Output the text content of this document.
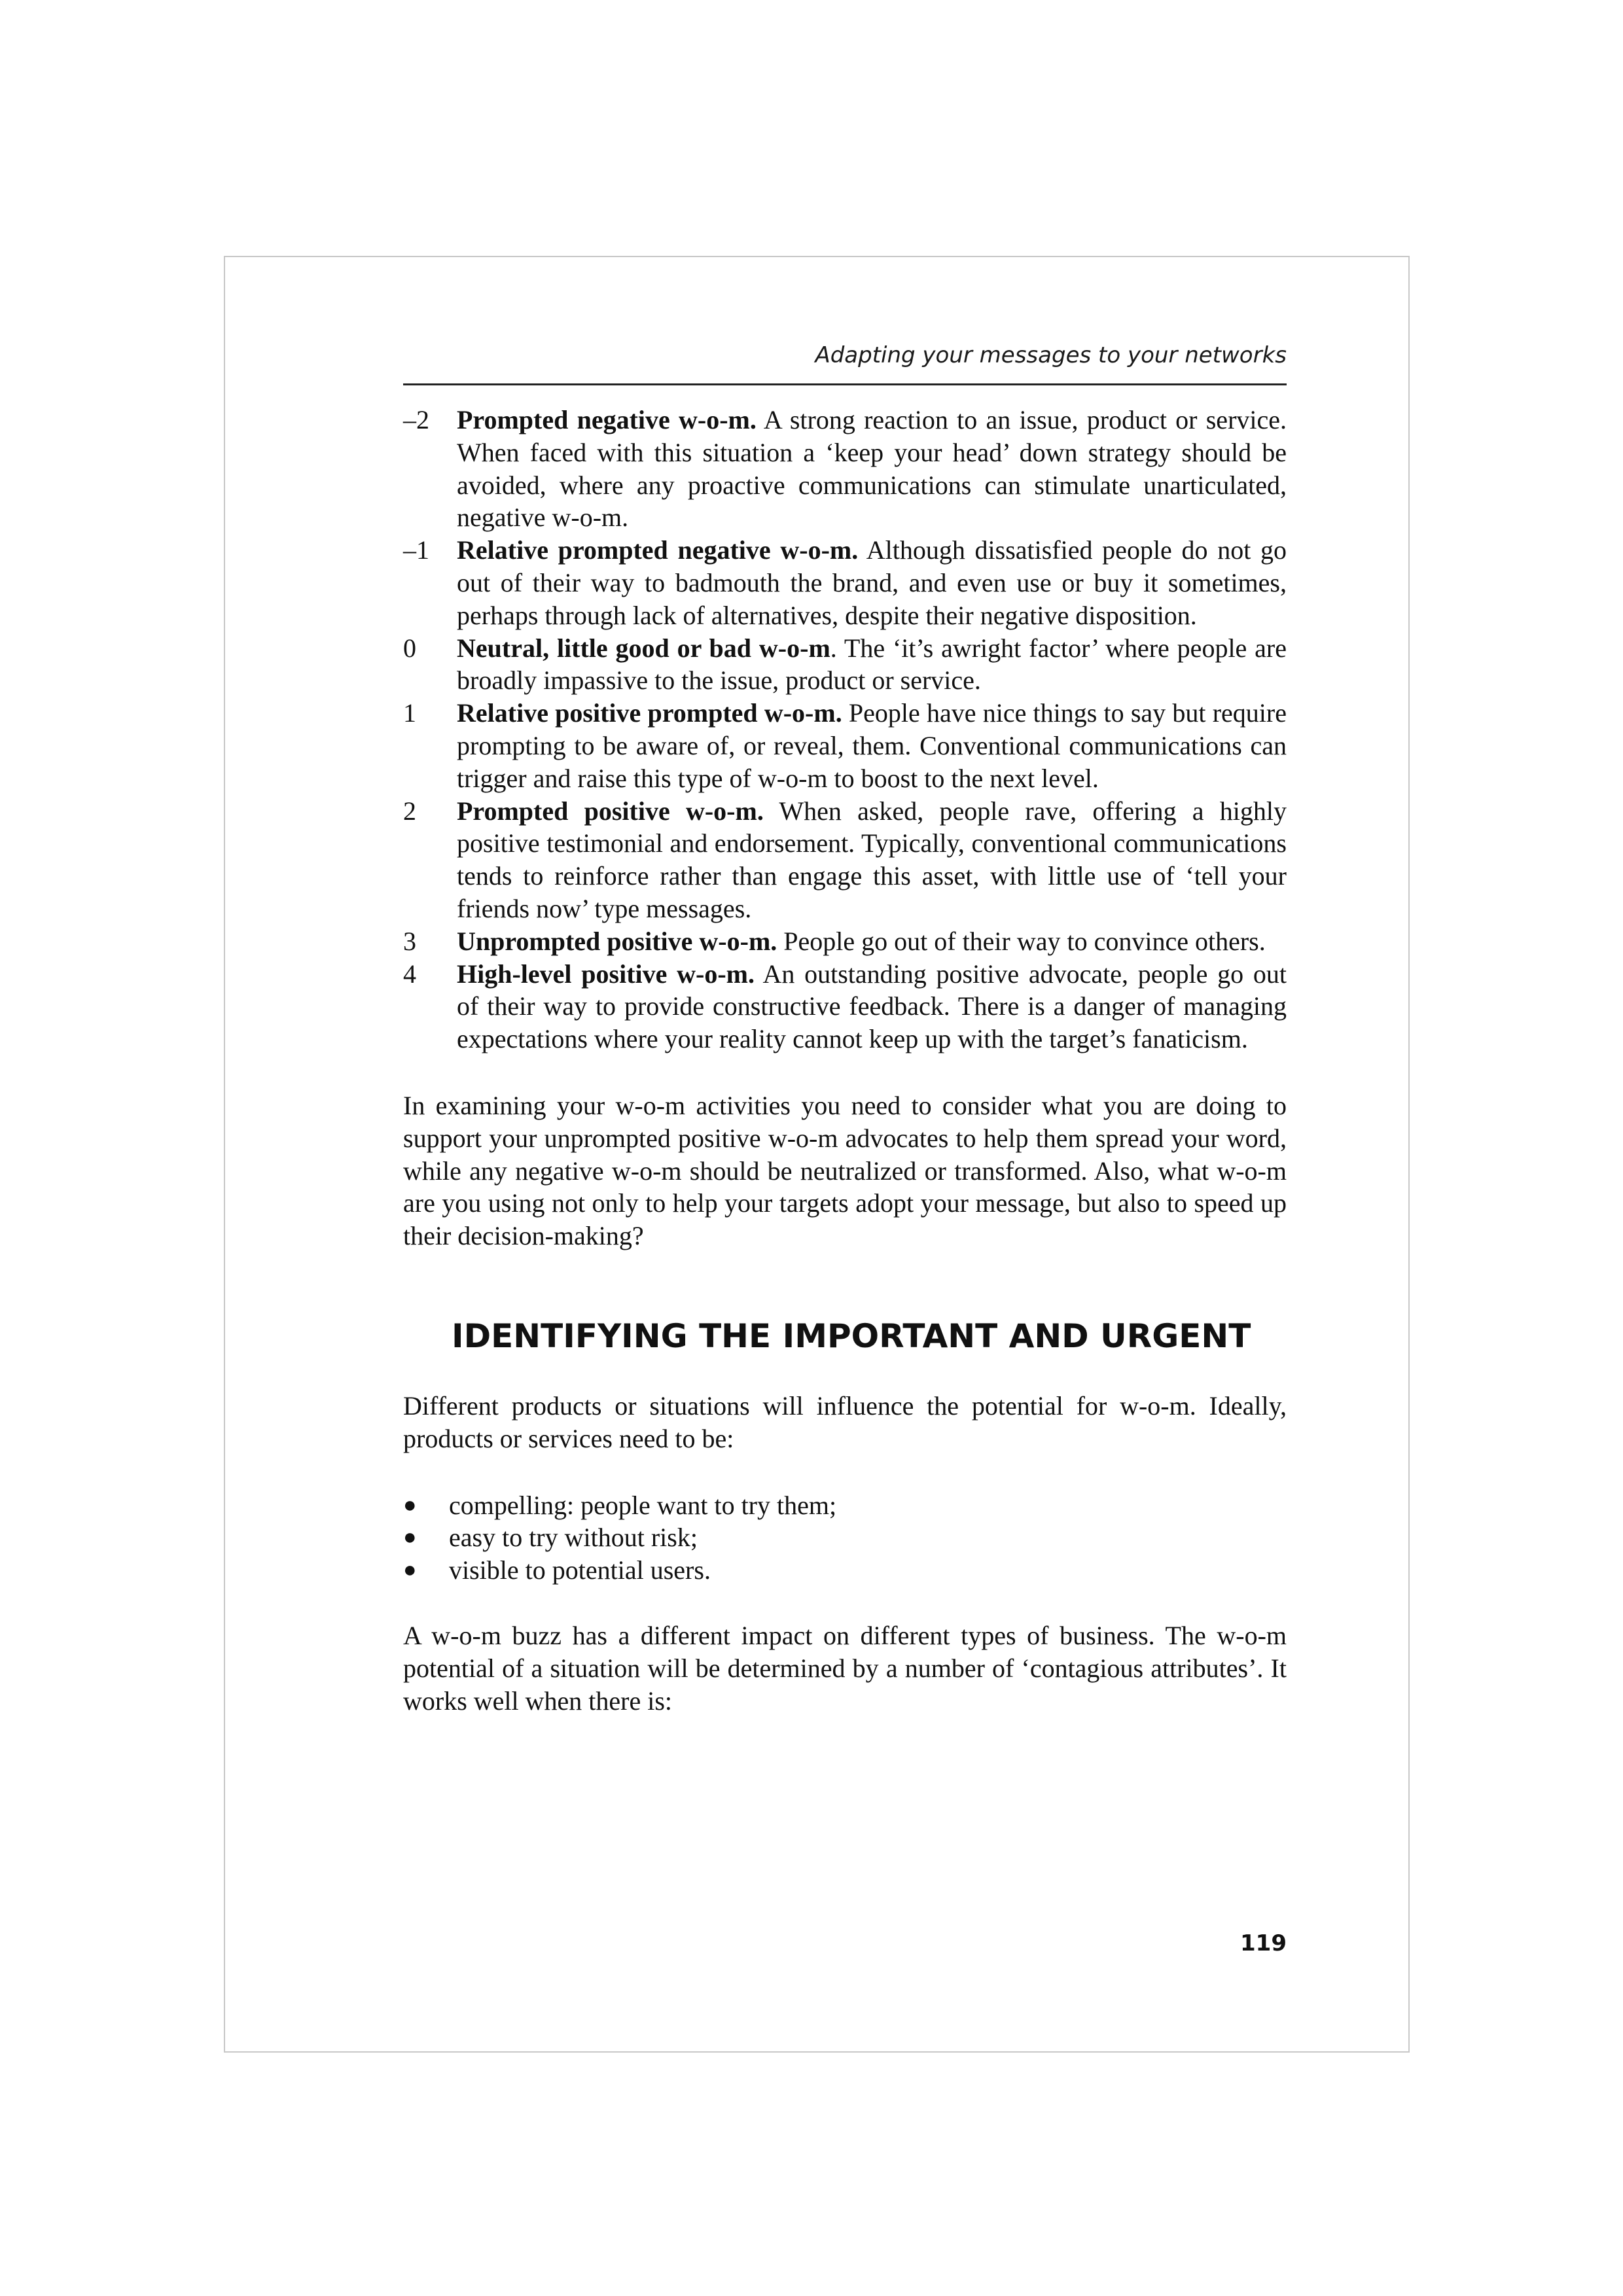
Adapting your messages to your networks

–2	Prompted negative w-o-m. A strong reaction to an issue, product or service. When faced with this situation a ‘keep your head’ down strategy should be avoided, where any proactive communications can stimulate unarticulated, negative w-o-m.
–1	Relative prompted negative w-o-m. Although dissatisfied people do not go out of their way to badmouth the brand, and even use or buy it sometimes, perhaps through lack of alternatives, despite their negative disposition.
0	Neutral, little good or bad w-o-m. The ‘it’s awright factor’ where people are broadly impassive to the issue, product or service.
1	Relative positive prompted w-o-m. People have nice things to say but require prompting to be aware of, or reveal, them. Conventional communications can trigger and raise this type of w-o-m to boost to the next level.
2	Prompted positive w-o-m. When asked, people rave, offering a highly positive testimonial and endorsement. Typically, conventional communications tends to reinforce rather than engage this asset, with little use of ‘tell your friends now’ type messages.
3	Unprompted positive w-o-m. People go out of their way to convince others.
4	High-level positive w-o-m. An outstanding positive advocate, people go out of their way to provide constructive feedback. There is a danger of managing expectations where your reality cannot keep up with the target’s fanaticism.

In examining your w-o-m activities you need to consider what you are doing to support your unprompted positive w-o-m advocates to help them spread your word, while any negative w-o-m should be neutralized or transformed. Also, what w-o-m are you using not only to help your targets adopt your message, but also to speed up their decision-making?

IDENTIFYING THE IMPORTANT AND URGENT

Different products or situations will influence the potential for w-o-m. Ideally, products or services need to be:

●	compelling: people want to try them;
●	easy to try without risk;
●	visible to potential users.

A w-o-m buzz has a different impact on different types of business. The w-o-m potential of a situation will be determined by a number of ‘contagious attributes’. It works well when there is:

119
